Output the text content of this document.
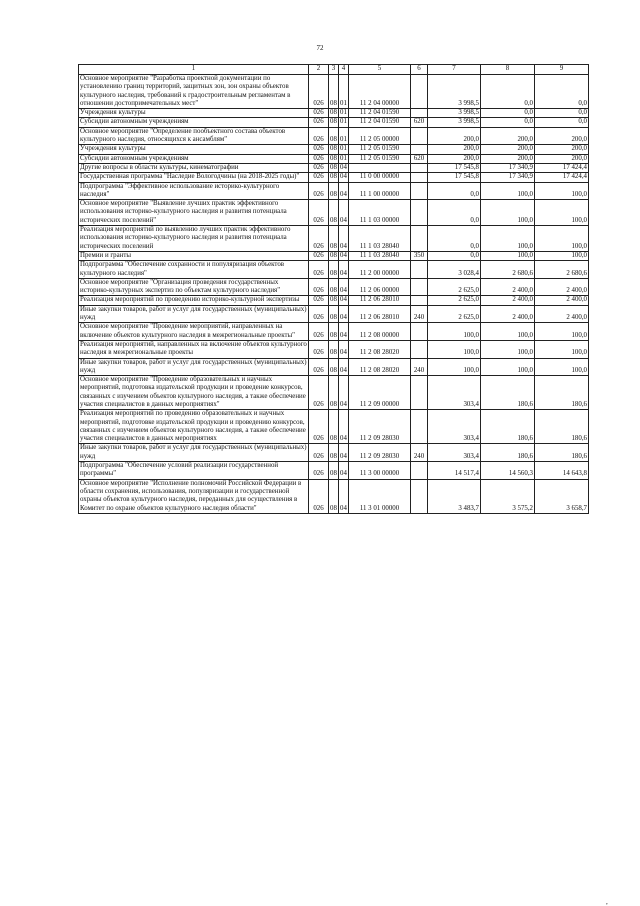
72
1	2	3	4	5	6	7	8	9
Основное мероприятие "Разработка проектной документации по установлению границ территорий, защитных зон, зон охраны объектов культурного наследия, требований к градостроительным регламентам в отношении достопримечательных мест"	026	08	01	11 2 04 00000		3 998,5	0,0	0,0
Учреждения культуры	026	08	01	11 2 04 01590		3 998,5	0,0	0,0
Субсидии автономным учреждениям	026	08	01	11 2 04 01590	620	3 998,5	0,0	0,0
Основное мероприятие "Определение пообъектного состава объектов культурного наследия, относящихся к ансамблям"	026	08	01	11 2 05 00000		200,0	200,0	200,0
Учреждения культуры	026	08	01	11 2 05 01590		200,0	200,0	200,0
Субсидии автономным учреждениям	026	08	01	11 2 05 01590	620	200,0	200,0	200,0
Другие вопросы в области культуры, кинематографии	026	08	04			17 545,8	17 340,9	17 424,4
Государственная программа "Наследие Вологодчины (на 2018-2025 годы)"	026	08	04	11 0 00 00000		17 545,8	17 340,9	17 424,4
Подпрограмма "Эффективное использование историко-культурного наследия"	026	08	04	11 1 00 00000		0,0	100,0	100,0
Основное мероприятие "Выявление лучших практик эффективного использования историко-культурного наследия и развития потенциала исторических поселений"	026	08	04	11 1 03 00000		0,0	100,0	100,0
Реализация мероприятий по выявлению лучших практик эффективного использования историко-культурного наследия и развития потенциала исторических поселений	026	08	04	11 1 03 28040		0,0	100,0	100,0
Премии и гранты	026	08	04	11 1 03 28040	350	0,0	100,0	100,0
Подпрограмма "Обеспечение сохранности и популяризация объектов культурного наследия"	026	08	04	11 2 00 00000		3 028,4	2 680,6	2 680,6
Основное мероприятие "Организация проведения государственных историко-культурных экспертиз по объектам культурного наследия"	026	08	04	11 2 06 00000		2 625,0	2 400,0	2 400,0
Реализация мероприятий по проведению историко-культурной экспертизы	026	08	04	11 2 06 28010		2 625,0	2 400,0	2 400,0
Иные закупки товаров, работ и услуг для государственных (муниципальных) нужд	026	08	04	11 2 06 28010	240	2 625,0	2 400,0	2 400,0
Основное мероприятие "Проведение мероприятий, направленных на включение объектов культурного наследия в межрегиональные проекты"	026	08	04	11 2 08 00000		100,0	100,0	100,0
Реализация мероприятий, направленных на включение объектов культурного наследия в межрегиональные проекты	026	08	04	11 2 08 28020		100,0	100,0	100,0
Иные закупки товаров, работ и услуг для государственных (муниципальных) нужд	026	08	04	11 2 08 28020	240	100,0	100,0	100,0
Основное мероприятие "Проведение образовательных и научных мероприятий, подготовка издательской продукции и проведение конкурсов, связанных с изучением объектов культурного наследия, а также обеспечение участия специалистов в данных мероприятиях"	026	08	04	11 2 09 00000		303,4	180,6	180,6
Реализация мероприятий по проведению образовательных и научных мероприятий, подготовке издательской продукции и проведению конкурсов, связанных с изучением объектов культурного наследия, а также обеспечение участия специалистов в данных мероприятиях	026	08	04	11 2 09 28030		303,4	180,6	180,6
Иные закупки товаров, работ и услуг для государственных (муниципальных) нужд	026	08	04	11 2 09 28030	240	303,4	180,6	180,6
Подпрограмма "Обеспечение условий реализации государственной программы"	026	08	04	11 3 00 00000		14 517,4	14 560,3	14 643,8
Основное мероприятие "Исполнение полномочий Российской Федерации в области сохранения, использования, популяризации и государственной охраны объектов культурного наследия, переданных для осуществления в Комитет по охране объектов культурного наследия области"	026	08	04	11 3 01 00000		3 483,7	3 575,2	3 658,7
,
